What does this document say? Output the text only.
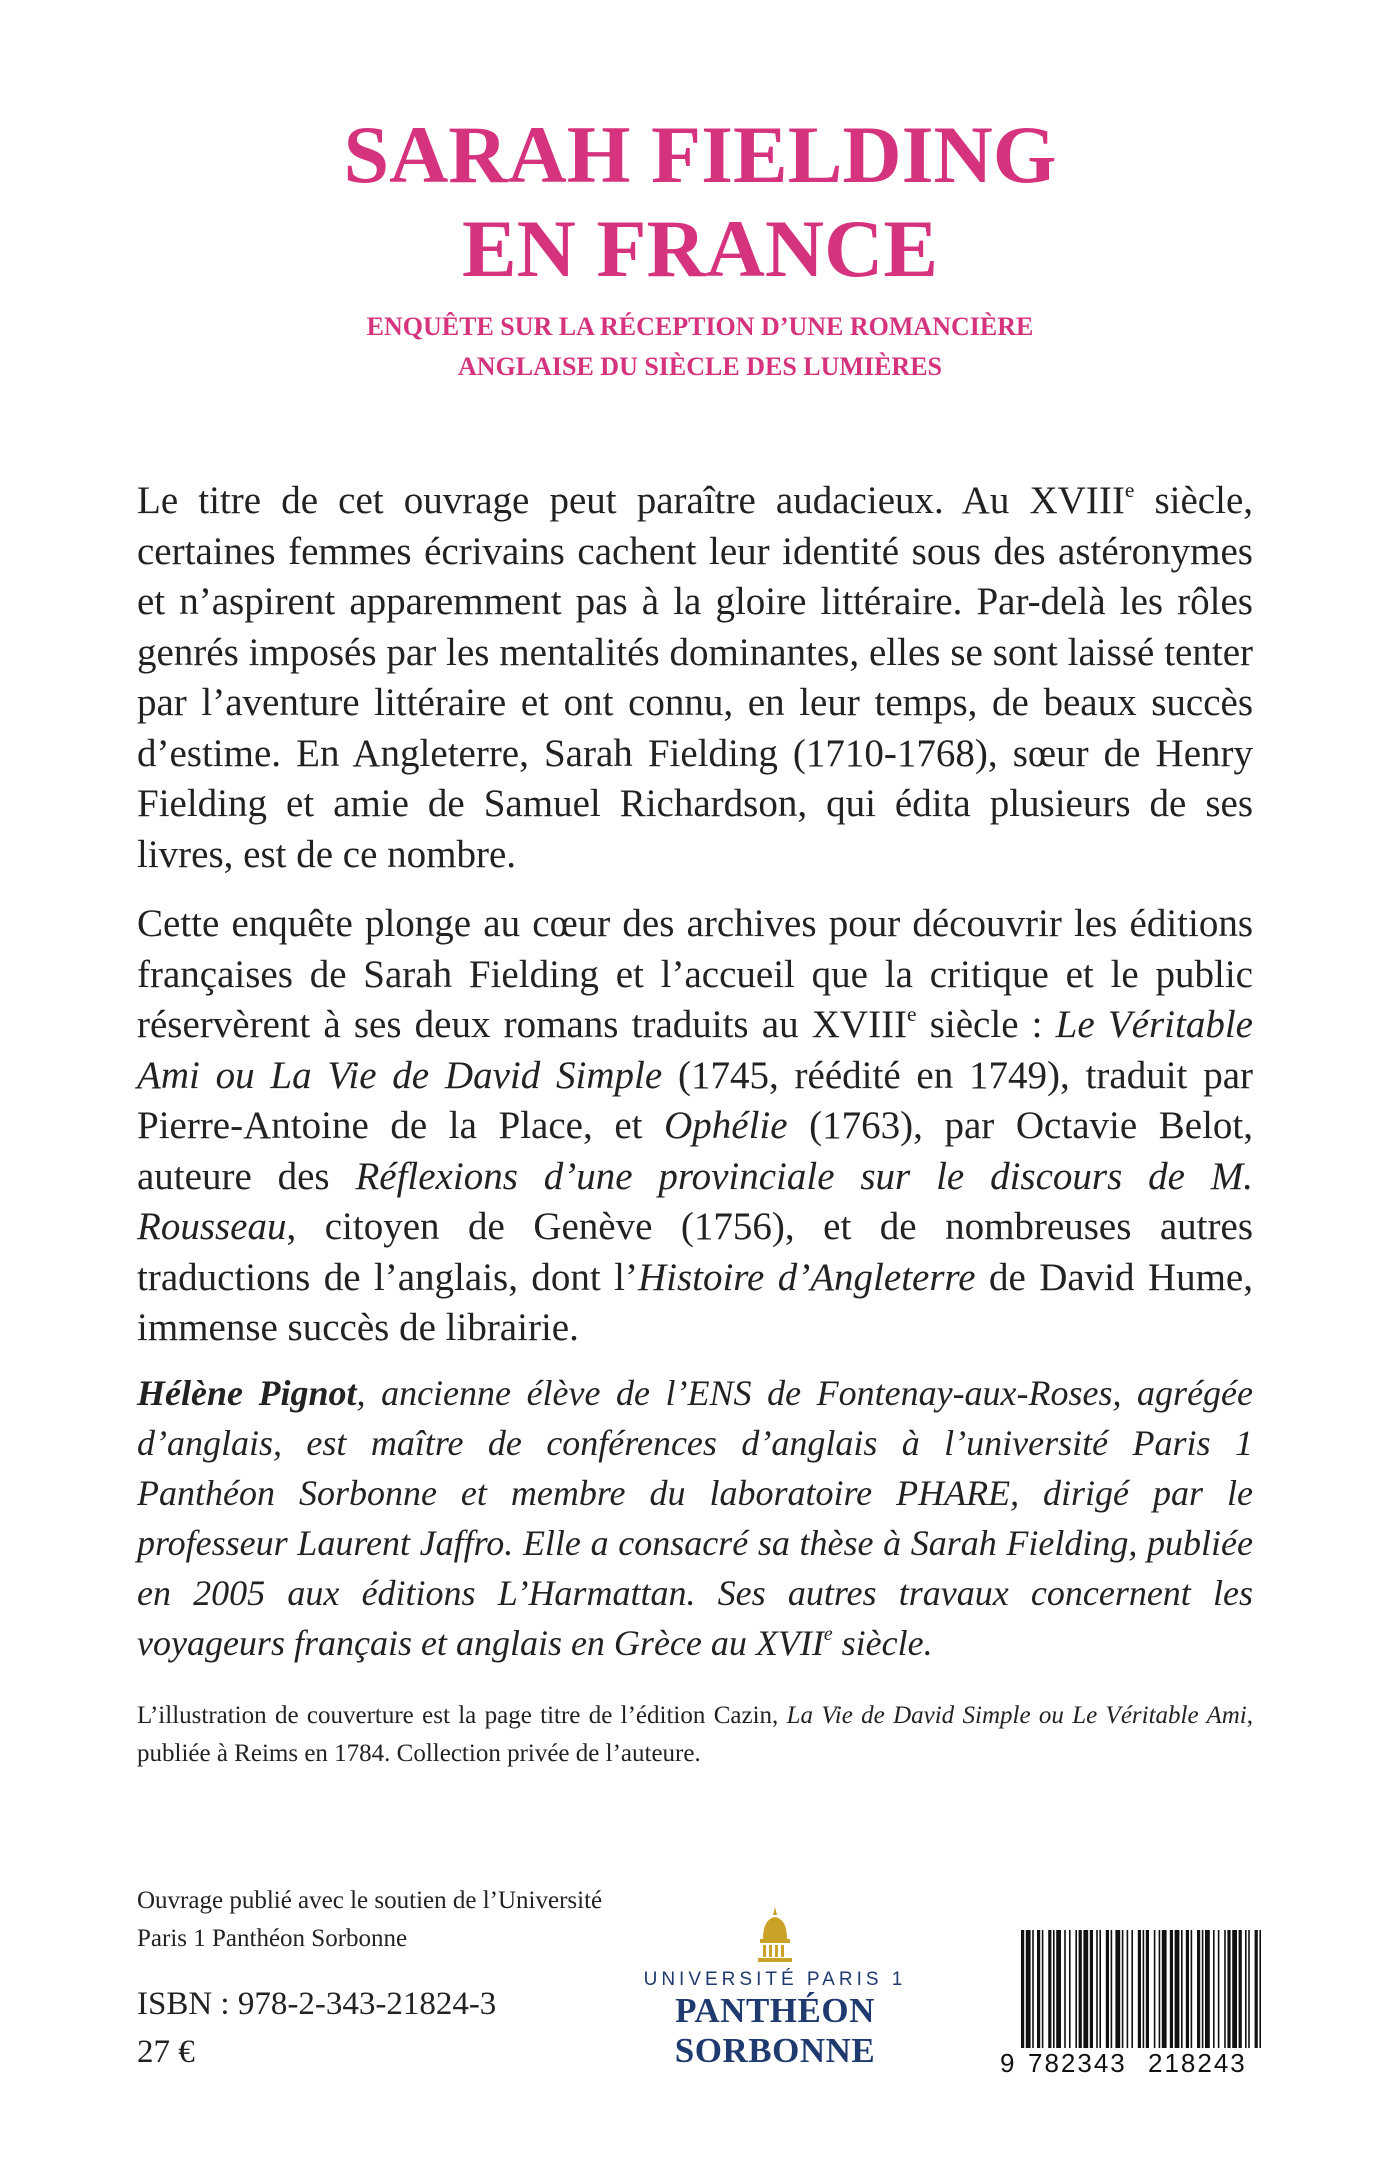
SARAH FIELDING
EN FRANCE
ENQUÊTE SUR LA RÉCEPTION D’UNE ROMANCIÈRE
ANGLAISE DU SIÈCLE DES LUMIÈRES

Le titre de cet ouvrage peut paraître audacieux. Au XVIIIe siècle, certaines femmes écrivains cachent leur identité sous des astéronymes et n’aspirent apparemment pas à la gloire littéraire. Par-delà les rôles genrés imposés par les mentalités dominantes, elles se sont laissé tenter par l’aventure littéraire et ont connu, en leur temps, de beaux succès d’estime. En Angleterre, Sarah Fielding (1710-1768), sœur de Henry Fielding et amie de Samuel Richardson, qui édita plusieurs de ses livres, est de ce nombre.

Cette enquête plonge au cœur des archives pour découvrir les éditions françaises de Sarah Fielding et l’accueil que la critique et le public réservèrent à ses deux romans traduits au XVIIIe siècle : Le Véritable Ami ou La Vie de David Simple (1745, réédité en 1749), traduit par Pierre-Antoine de la Place, et Ophélie (1763), par Octavie Belot, auteure des Réflexions d’une provinciale sur le discours de M. Rousseau, citoyen de Genève (1756), et de nombreuses autres traductions de l’anglais, dont l’Histoire d’Angleterre de David Hume, immense succès de librairie.

Hélène Pignot, ancienne élève de l’ENS de Fontenay-aux-Roses, agrégée d’anglais, est maître de conférences d’anglais à l’université Paris 1 Panthéon Sorbonne et membre du laboratoire PHARE, dirigé par le professeur Laurent Jaffro. Elle a consacré sa thèse à Sarah Fielding, publiée en 2005 aux éditions L’Harmattan. Ses autres travaux concernent les voyageurs français et anglais en Grèce au XVIIe siècle.

L’illustration de couverture est la page titre de l’édition Cazin, La Vie de David Simple ou Le Véritable Ami, publiée à Reims en 1784. Collection privée de l’auteure.

Ouvrage publié avec le soutien de l’Université
Paris 1 Panthéon Sorbonne

ISBN : 978-2-343-21824-3
27 €
UNIVERSITÉ PARIS 1
PANTHÉON SORBONNE	9 782343 218243
